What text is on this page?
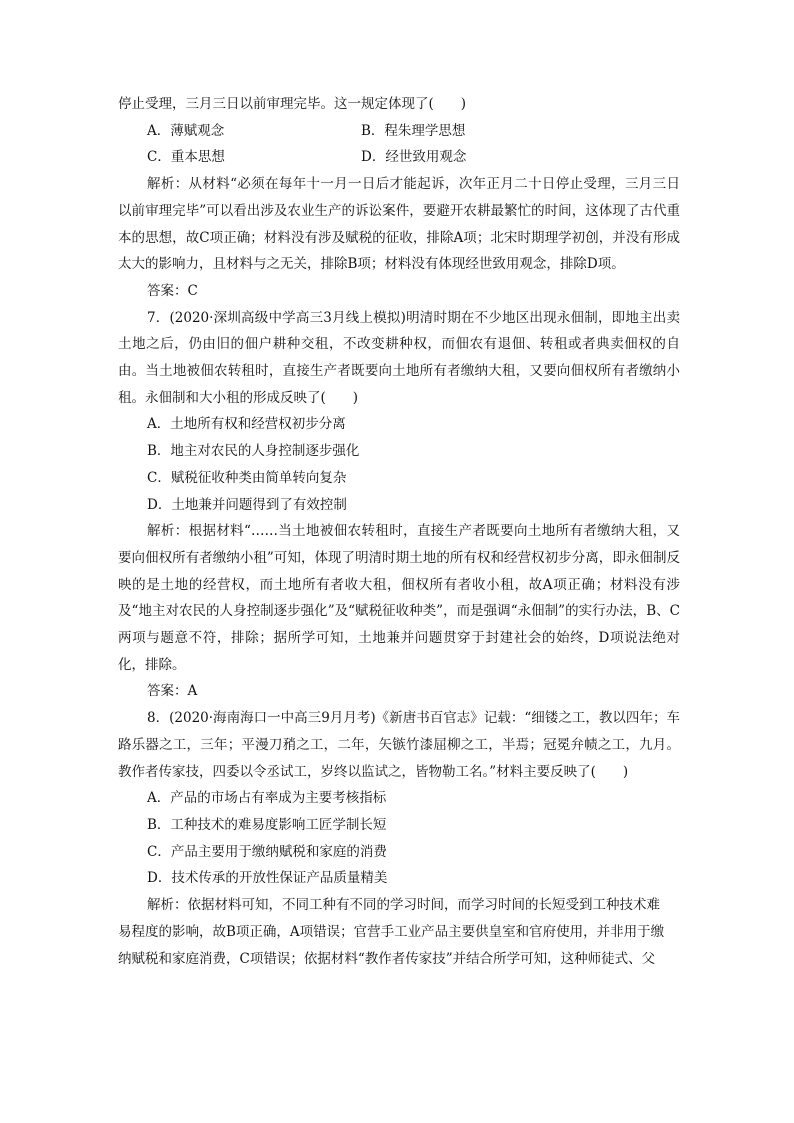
停止受理，三月三日以前审理完毕。这一规定体现了(　　)

A．薄赋观念	B．程朱理学思想
C．重本思想	D．经世致用观念

解析：从材料“必须在每年十一月一日后才能起诉，次年正月二十日停止受理，三月三日以前审理完毕”可以看出涉及农业生产的诉讼案件，要避开农耕最繁忙的时间，这体现了古代重本的思想，故C项正确；材料没有涉及赋税的征收，排除A项；北宋时期理学初创，并没有形成太大的影响力，且材料与之无关，排除B项；材料没有体现经世致用观念，排除D项。

答案：C

7．(2020·深圳高级中学高三3月线上模拟)明清时期在不少地区出现永佃制，即地主出卖土地之后，仍由旧的佃户耕种交租，不改变耕种权，而佃农有退佃、转租或者典卖佃权的自由。当土地被佃农转租时，直接生产者既要向土地所有者缴纳大租，又要向佃权所有者缴纳小租。永佃制和大小租的形成反映了(　　)

A．土地所有权和经营权初步分离
B．地主对农民的人身控制逐步强化
C．赋税征收种类由简单转向复杂
D．土地兼并问题得到了有效控制

解析：根据材料“……当土地被佃农转租时，直接生产者既要向土地所有者缴纳大租，又要向佃权所有者缴纳小租”可知，体现了明清时期土地的所有权和经营权初步分离，即永佃制反映的是土地的经营权，而土地所有者收大租，佃权所有者收小租，故A项正确；材料没有涉及“地主对农民的人身控制逐步强化”及“赋税征收种类”，而是强调“永佃制”的实行办法，B、C两项与题意不符，排除；据所学可知，土地兼并问题贯穿于封建社会的始终，D项说法绝对化，排除。

答案：A

8．(2020·海南海口一中高三9月月考)《新唐书百官志》记载：“细镂之工，教以四年；车路乐器之工，三年；平漫刀矟之工，二年，矢镞竹漆屈柳之工，半焉；冠冕弁帻之工，九月。教作者传家技，四委以令丞试工，岁终以监试之，皆物勒工名。”材料主要反映了(　　)

A．产品的市场占有率成为主要考核指标
B．工种技术的难易度影响工匠学制长短
C．产品主要用于缴纳赋税和家庭的消费
D．技术传承的开放性保证产品质量精美

解析：依据材料可知，不同工种有不同的学习时间，而学习时间的长短受到工种技术难
易程度的影响，故B项正确，A项错误；官营手工业产品主要供皇室和官府使用，并非用于缴
纳赋税和家庭消费，C项错误；依据材料“教作者传家技”并结合所学可知，这种师徒式、父
